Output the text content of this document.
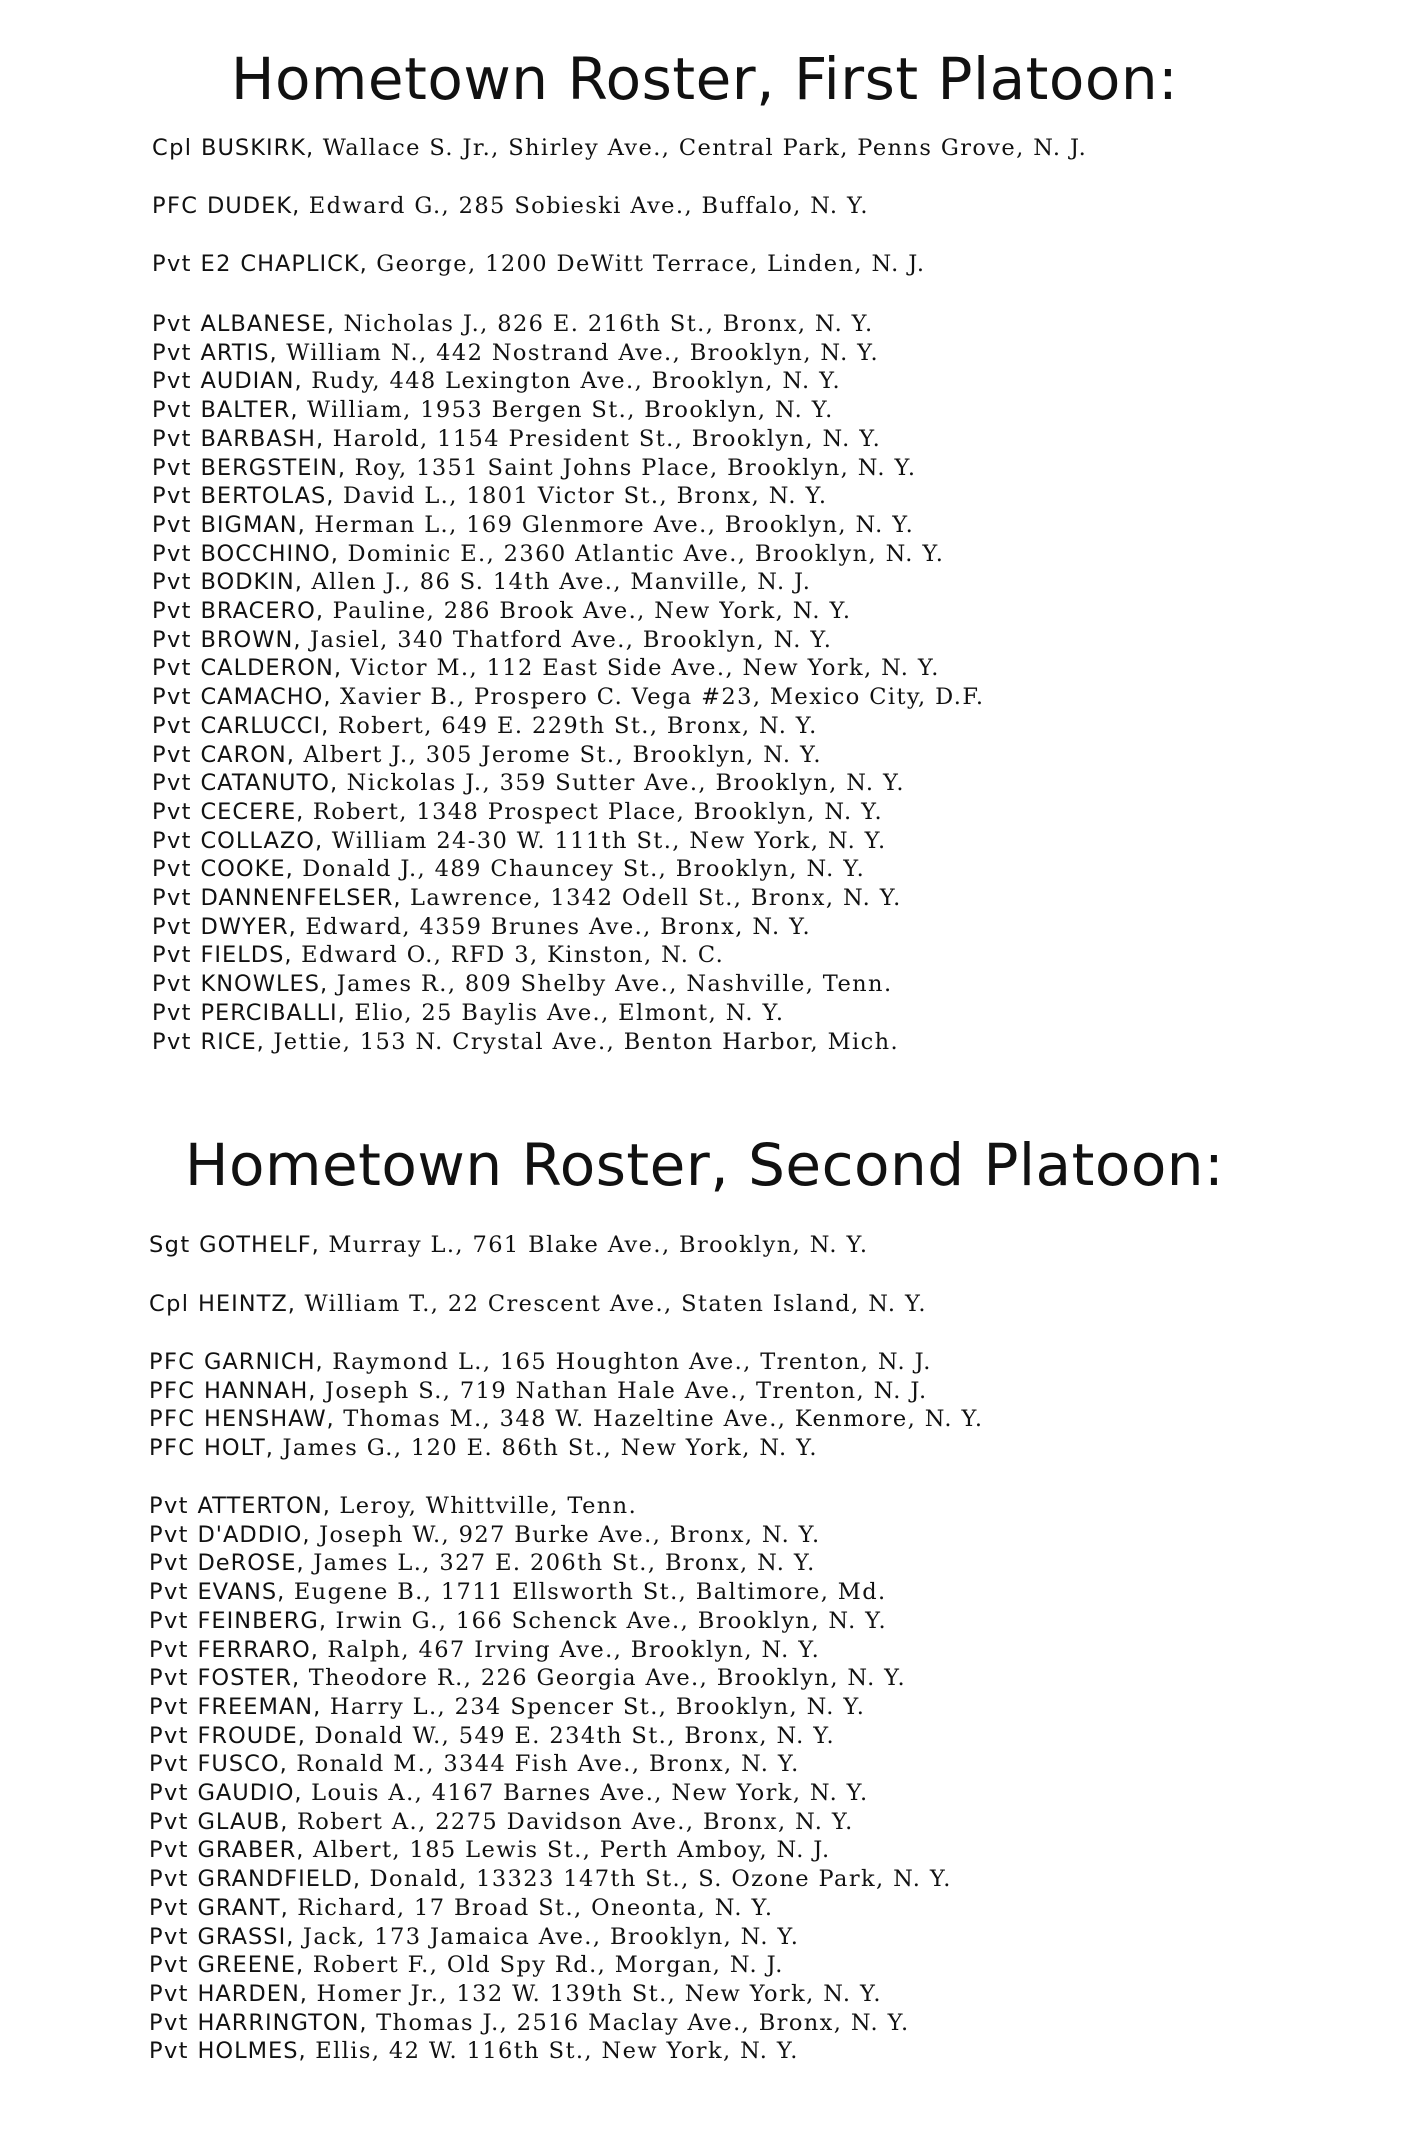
Hometown Roster, First Platoon:

Cpl BUSKIRK, Wallace S. Jr., Shirley Ave., Central Park, Penns Grove, N. J.

PFC DUDEK, Edward G., 285 Sobieski Ave., Buffalo, N. Y.

Pvt E2 CHAPLICK, George, 1200 DeWitt Terrace, Linden, N. J.

Pvt ALBANESE, Nicholas J., 826 E. 216th St., Bronx, N. Y.

Pvt ARTIS, William N., 442 Nostrand Ave., Brooklyn, N. Y.

Pvt AUDIAN, Rudy, 448 Lexington Ave., Brooklyn, N. Y.

Pvt BALTER, William, 1953 Bergen St., Brooklyn, N. Y.

Pvt BARBASH, Harold, 1154 President St., Brooklyn, N. Y.

Pvt BERGSTEIN, Roy, 1351 Saint Johns Place, Brooklyn, N. Y.

Pvt BERTOLAS, David L., 1801 Victor St., Bronx, N. Y.

Pvt BIGMAN, Herman L., 169 Glenmore Ave., Brooklyn, N. Y.

Pvt BOCCHINO, Dominic E., 2360 Atlantic Ave., Brooklyn, N. Y.

Pvt BODKIN, Allen J., 86 S. 14th Ave., Manville, N. J.

Pvt BRACERO, Pauline, 286 Brook Ave., New York, N. Y.

Pvt BROWN, Jasiel, 340 Thatford Ave., Brooklyn, N. Y.

Pvt CALDERON, Victor M., 112 East Side Ave., New York, N. Y.

Pvt CAMACHO, Xavier B., Prospero C. Vega #23, Mexico City, D.F.

Pvt CARLUCCI, Robert, 649 E. 229th St., Bronx, N. Y.

Pvt CARON, Albert J., 305 Jerome St., Brooklyn, N. Y.

Pvt CATANUTO, Nickolas J., 359 Sutter Ave., Brooklyn, N. Y.

Pvt CECERE, Robert, 1348 Prospect Place, Brooklyn, N. Y.

Pvt COLLAZO, William 24-30 W. 111th St., New York, N. Y.

Pvt COOKE, Donald J., 489 Chauncey St., Brooklyn, N. Y.

Pvt DANNENFELSER, Lawrence, 1342 Odell St., Bronx, N. Y.

Pvt DWYER, Edward, 4359 Brunes Ave., Bronx, N. Y.

Pvt FIELDS, Edward O., RFD 3, Kinston, N. C.

Pvt KNOWLES, James R., 809 Shelby Ave., Nashville, Tenn.

Pvt PERCIBALLI, Elio, 25 Baylis Ave., Elmont, N. Y.

Pvt RICE, Jettie, 153 N. Crystal Ave., Benton Harbor, Mich.

Hometown Roster, Second Platoon:

Sgt GOTHELF, Murray L., 761 Blake Ave., Brooklyn, N. Y.

Cpl HEINTZ, William T., 22 Crescent Ave., Staten Island, N. Y.

PFC GARNICH, Raymond L., 165 Houghton Ave., Trenton, N. J.

PFC HANNAH, Joseph S., 719 Nathan Hale Ave., Trenton, N. J.

PFC HENSHAW, Thomas M., 348 W. Hazeltine Ave., Kenmore, N. Y.

PFC HOLT, James G., 120 E. 86th St., New York, N. Y.

Pvt ATTERTON, Leroy, Whittville, Tenn.

Pvt D'ADDIO, Joseph W., 927 Burke Ave., Bronx, N. Y.

Pvt DeROSE, James L., 327 E. 206th St., Bronx, N. Y.

Pvt EVANS, Eugene B., 1711 Ellsworth St., Baltimore, Md.

Pvt FEINBERG, Irwin G., 166 Schenck Ave., Brooklyn, N. Y.

Pvt FERRARO, Ralph, 467 Irving Ave., Brooklyn, N. Y.

Pvt FOSTER, Theodore R., 226 Georgia Ave., Brooklyn, N. Y.

Pvt FREEMAN, Harry L., 234 Spencer St., Brooklyn, N. Y.

Pvt FROUDE, Donald W., 549 E. 234th St., Bronx, N. Y.

Pvt FUSCO, Ronald M., 3344 Fish Ave., Bronx, N. Y.

Pvt GAUDIO, Louis A., 4167 Barnes Ave., New York, N. Y.

Pvt GLAUB, Robert A., 2275 Davidson Ave., Bronx, N. Y.

Pvt GRABER, Albert, 185 Lewis St., Perth Amboy, N. J.

Pvt GRANDFIELD, Donald, 13323 147th St., S. Ozone Park, N. Y.

Pvt GRANT, Richard, 17 Broad St., Oneonta, N. Y.

Pvt GRASSI, Jack, 173 Jamaica Ave., Brooklyn, N. Y.

Pvt GREENE, Robert F., Old Spy Rd., Morgan, N. J.

Pvt HARDEN, Homer Jr., 132 W. 139th St., New York, N. Y.

Pvt HARRINGTON, Thomas J., 2516 Maclay Ave., Bronx, N. Y.

Pvt HOLMES, Ellis, 42 W. 116th St., New York, N. Y.
